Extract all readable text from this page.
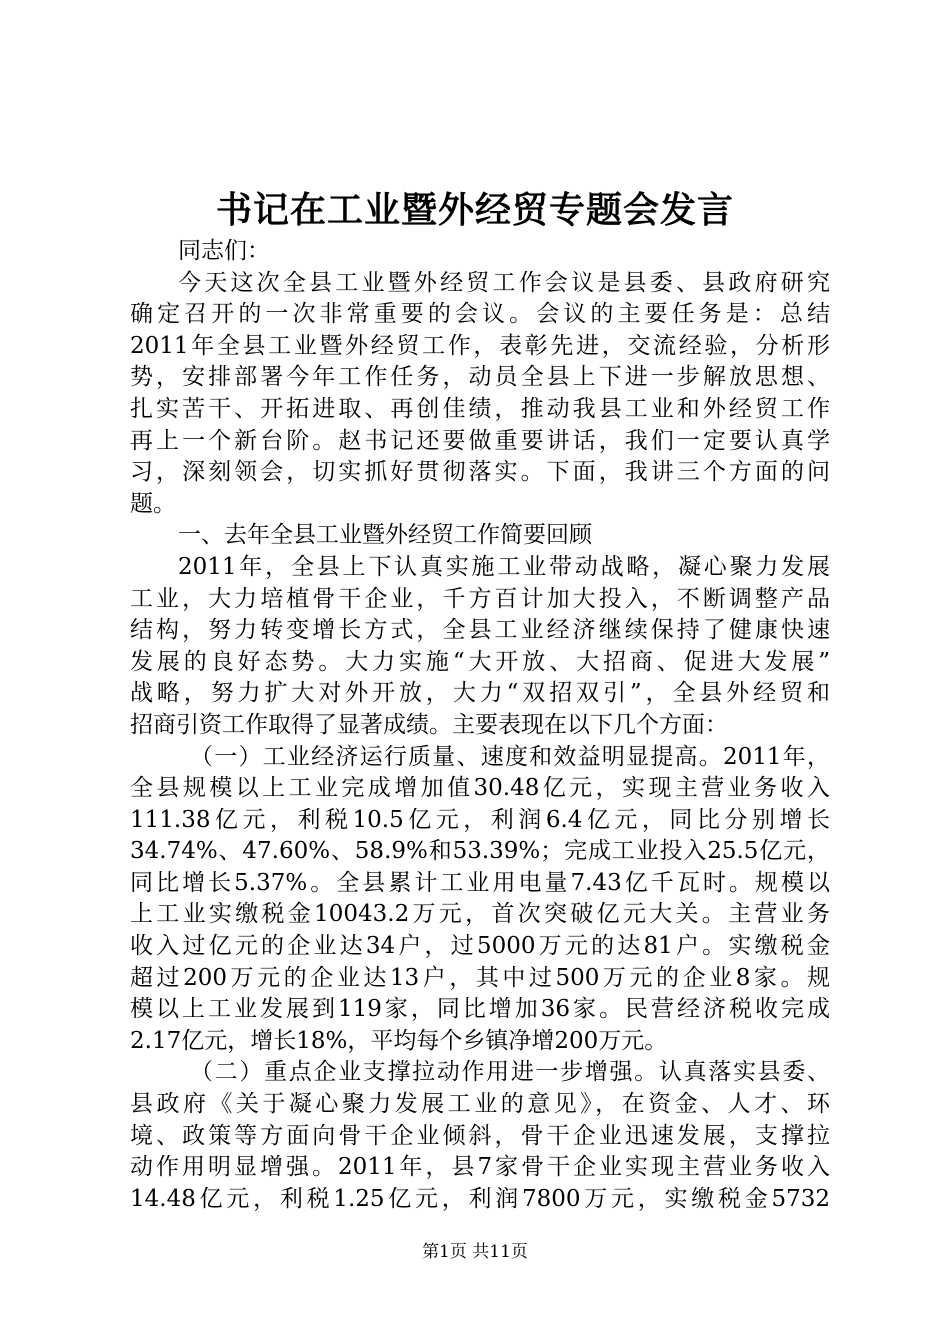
书记在工业暨外经贸专题会发言
同志们：
今天这次全县工业暨外经贸工作会议是县委、县政府研究
确定召开的一次非常重要的会议。会议的主要任务是：总结
2011年全县工业暨外经贸工作，表彰先进，交流经验，分析形
势，安排部署今年工作任务，动员全县上下进一步解放思想、
扎实苦干、开拓进取、再创佳绩，推动我县工业和外经贸工作
再上一个新台阶。赵书记还要做重要讲话，我们一定要认真学
习，深刻领会，切实抓好贯彻落实。下面，我讲三个方面的问
题。
一、去年全县工业暨外经贸工作简要回顾
2011年，全县上下认真实施工业带动战略，凝心聚力发展
工业，大力培植骨干企业，千方百计加大投入，不断调整产品
结构，努力转变增长方式，全县工业经济继续保持了健康快速
发展的良好态势。大力实施“大开放、大招商、促进大发展”
战略，努力扩大对外开放，大力“双招双引”，全县外经贸和
招商引资工作取得了显著成绩。主要表现在以下几个方面：
（一）工业经济运行质量、速度和效益明显提高。2011年，
全县规模以上工业完成增加值30.48亿元，实现主营业务收入
111.38亿元，利税10.5亿元，利润6.4亿元，同比分别增长
34.74%、47.60%、58.9%和53.39%；完成工业投入25.5亿元，
同比增长5.37%。全县累计工业用电量7.43亿千瓦时。规模以
上工业实缴税金10043.2万元，首次突破亿元大关。主营业务
收入过亿元的企业达34户，过5000万元的达81户。实缴税金
超过200万元的企业达13户，其中过500万元的企业8家。规
模以上工业发展到119家，同比增加36家。民营经济税收完成
2.17亿元，增长18%，平均每个乡镇净增200万元。
（二）重点企业支撑拉动作用进一步增强。认真落实县委、
县政府《关于凝心聚力发展工业的意见》，在资金、人才、环
境、政策等方面向骨干企业倾斜，骨干企业迅速发展，支撑拉
动作用明显增强。2011年，县7家骨干企业实现主营业务收入
14.48亿元，利税1.25亿元，利润7800万元，实缴税金5732
第1页 共11页
